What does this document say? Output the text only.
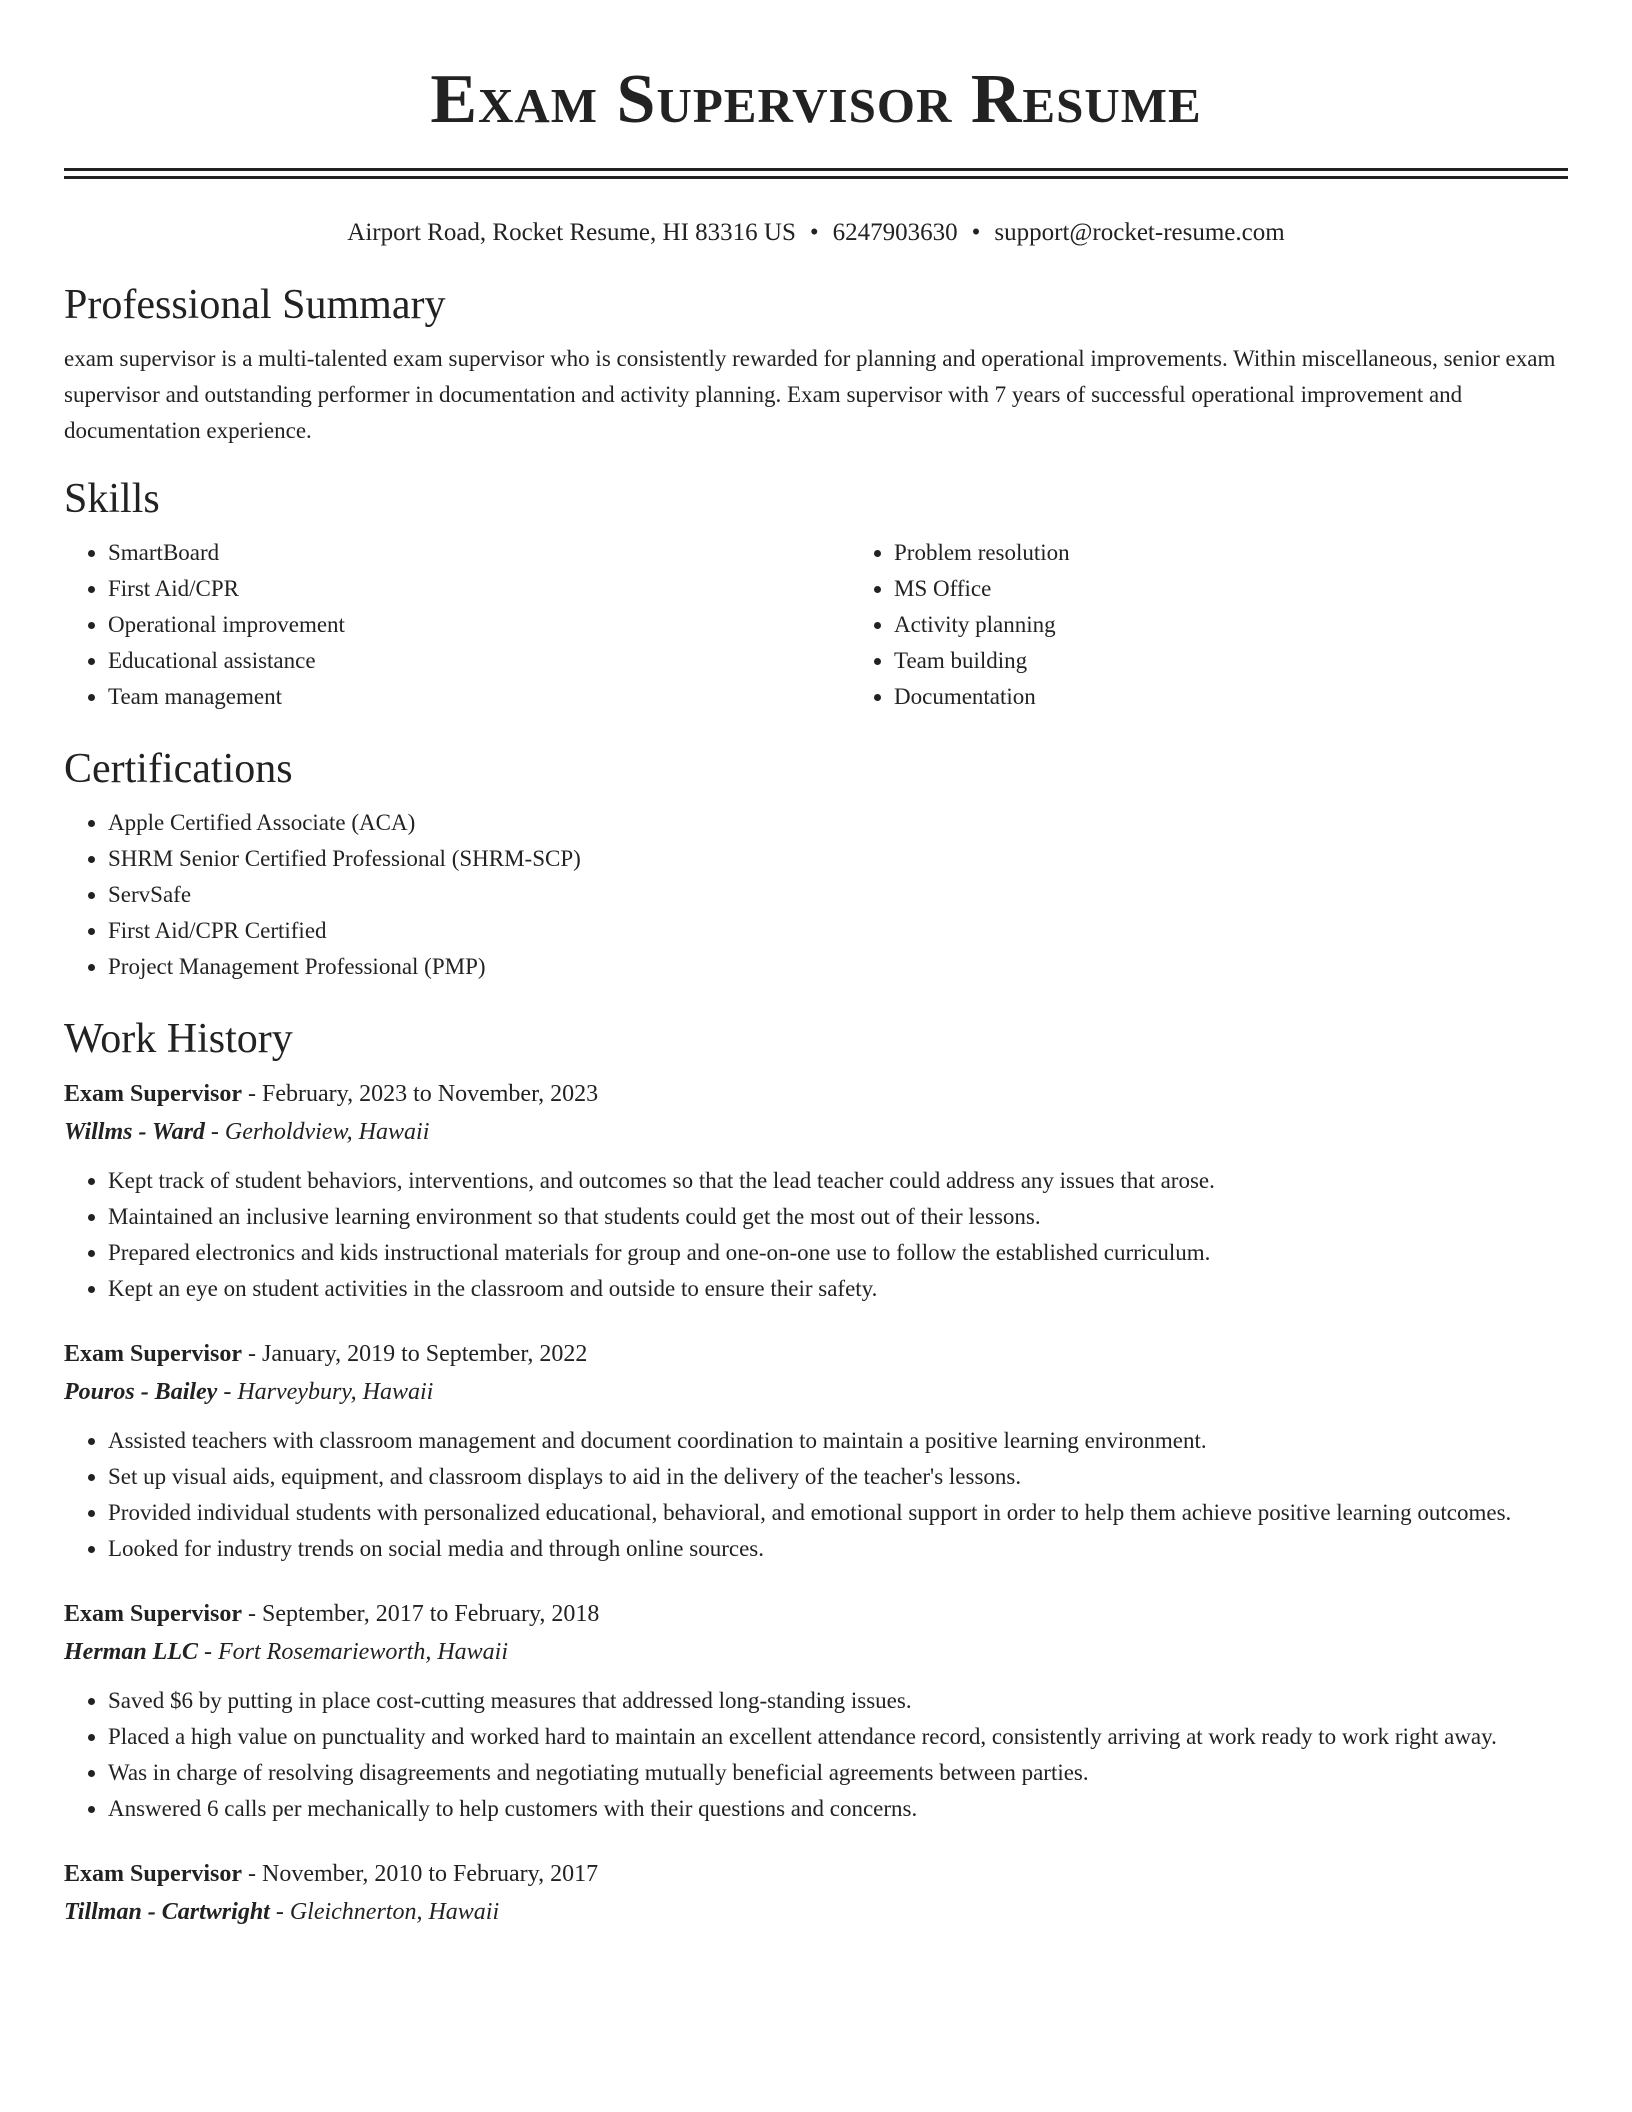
Exam Supervisor Resume
Airport Road, Rocket Resume, HI 83316 US • 6247903630 • support@rocket-resume.com
Professional Summary

exam supervisor is a multi-talented exam supervisor who is consistently rewarded for planning and operational improvements. Within miscellaneous, senior exam supervisor and outstanding performer in documentation and activity planning. Exam supervisor with 7 years of successful operational improvement and documentation experience.

Skills
• SmartBoard
• First Aid/CPR
• Operational improvement
• Educational assistance
• Team management
• Problem resolution
• MS Office
• Activity planning
• Team building
• Documentation
Certifications
• Apple Certified Associate (ACA)
• SHRM Senior Certified Professional (SHRM-SCP)
• ServSafe
• First Aid/CPR Certified
• Project Management Professional (PMP)
Work History
Exam Supervisor - February, 2023 to November, 2023
Willms - Ward - Gerholdview, Hawaii
• Kept track of student behaviors, interventions, and outcomes so that the lead teacher could address any issues that arose.
• Maintained an inclusive learning environment so that students could get the most out of their lessons.
• Prepared electronics and kids instructional materials for group and one-on-one use to follow the established curriculum.
• Kept an eye on student activities in the classroom and outside to ensure their safety.
Exam Supervisor - January, 2019 to September, 2022
Pouros - Bailey - Harveybury, Hawaii
• Assisted teachers with classroom management and document coordination to maintain a positive learning environment.
• Set up visual aids, equipment, and classroom displays to aid in the delivery of the teacher's lessons.
• Provided individual students with personalized educational, behavioral, and emotional support in order to help them achieve positive learning outcomes.
• Looked for industry trends on social media and through online sources.
Exam Supervisor - September, 2017 to February, 2018
Herman LLC - Fort Rosemarieworth, Hawaii
• Saved $6 by putting in place cost-cutting measures that addressed long-standing issues.
• Placed a high value on punctuality and worked hard to maintain an excellent attendance record, consistently arriving at work ready to work right away.
• Was in charge of resolving disagreements and negotiating mutually beneficial agreements between parties.
• Answered 6 calls per mechanically to help customers with their questions and concerns.
Exam Supervisor - November, 2010 to February, 2017
Tillman - Cartwright - Gleichnerton, Hawaii
